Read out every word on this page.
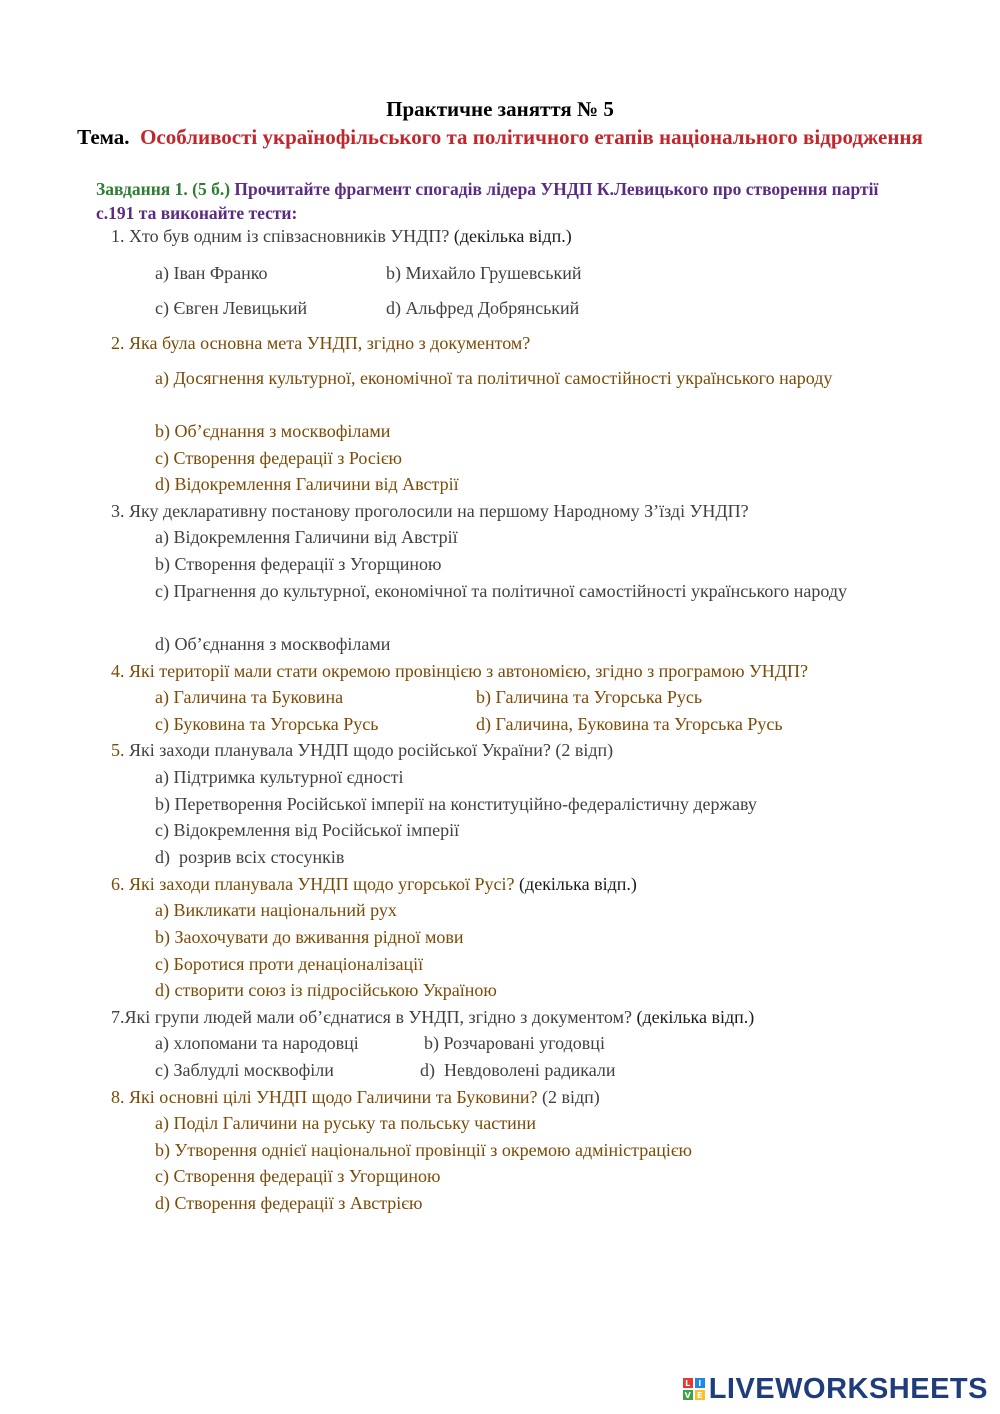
Практичне заняття № 5
Тема. Особливості українофільського та політичного етапів національного відродження
Завдання 1. (5 б.) Прочитайте фрагмент спогадів лідера УНДП К.Левицького про створення партії с.191 та виконайте тести:
1. Хто був одним із співзасновників УНДП? (декілька відп.)
a) Іван Франко	b) Михайло Грушевський
c) Євген Левицький	d) Альфред Добрянський
2. Яка була основна мета УНДП, згідно з документом?
a) Досягнення культурної, економічної та політичної самостійності українського народу
b) Об’єднання з москвофілами
c) Створення федерації з Росією
d) Відокремлення Галичини від Австрії
3. Яку декларативну постанову проголосили на першому Народному З’їзді УНДП?
a) Відокремлення Галичини від Австрії
b) Створення федерації з Угорщиною
c) Прагнення до культурної, економічної та політичної самостійності українського народу
d) Об’єднання з москвофілами
4. Які території мали стати окремою провінцією з автономією, згідно з програмою УНДП?
a) Галичина та Буковина	b) Галичина та Угорська Русь
c) Буковина та Угорська Русь	d) Галичина, Буковина та Угорська Русь
5. Які заходи планувала УНДП щодо російської України? (2 відп)
a) Підтримка культурної єдності
b) Перетворення Російської імперії на конституційно-федералістичну державу
c) Відокремлення від Російської імперії
d)  розрив всіх стосунків
6. Які заходи планувала УНДП щодо угорської Русі? (декілька відп.)
a) Викликати національний рух
b) Заохочувати до вживання рідної мови
c) Боротися проти денаціоналізації
d) створити союз із підросійською Україною
7.Які групи людей мали об’єднатися в УНДП, згідно з документом? (декілька відп.)
a) хлопомани та народовці	b) Розчаровані угодовці
c) Заблудлі москвофіли	d)  Невдоволені радикали
8. Які основні цілі УНДП щодо Галичини та Буковини? (2 відп)
a) Поділ Галичини на руську та польську частини
b) Утворення однієї національної провінції з окремою адміністрацією
c) Створення федерації з Угорщиною
d) Створення федерації з Австрією
L I
V E LIVEWORKSHEETS
